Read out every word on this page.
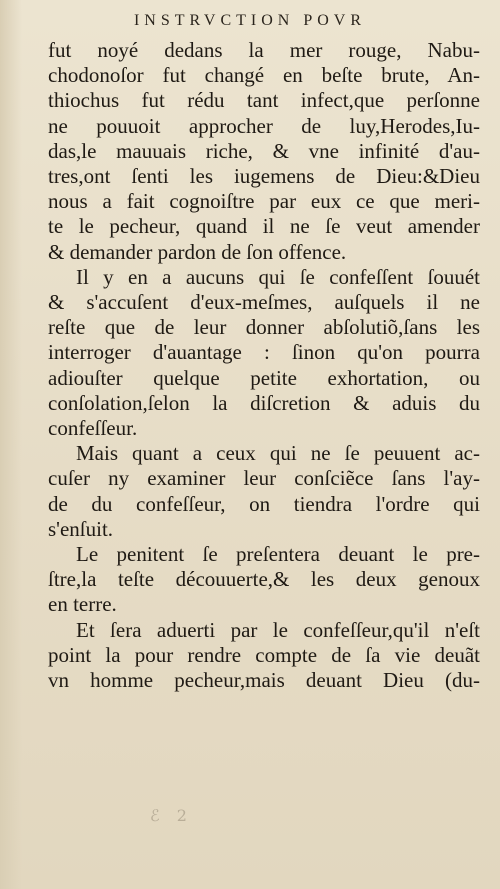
INSTRVCTION POVR

fut noyé dedans la mer rouge, Nabu-
chodonoſor fut changé en beſte brute, An-
thiochus fut rédu tant infect,que perſonne
ne pouuoit approcher de luy,Herodes,Iu-
das,le mauuais riche, & vne infinité d'au-
tres,ont ſenti les iugemens de Dieu:&Dieu
nous a fait cognoiſtre par eux ce que meri-
te le pecheur, quand il ne ſe veut amender
& demander pardon de ſon offence.

Il y en a aucuns qui ſe confeſſent ſouuét
& s'accuſent d'eux-meſmes, auſquels il ne
reſte que de leur donner abſolutiõ,ſans les
interroger d'auantage : ſinon qu'on pourra
adiouſter quelque petite exhortation, ou
conſolation,ſelon la diſcretion & aduis du
confeſſeur.

Mais quant a ceux qui ne ſe peuuent ac-
cuſer ny examiner leur conſciẽce ſans l'ay-
de du confeſſeur, on tiendra l'ordre qui
s'enſuit.

Le penitent ſe preſentera deuant le pre-
ſtre,la teſte découuerte,& les deux genoux
en terre.

Et ſera aduerti par le confeſſeur,qu'il n'eſt
point la pour rendre compte de ſa vie deuãt
vn homme pecheur,mais deuant Dieu (du-

ℰ 2
